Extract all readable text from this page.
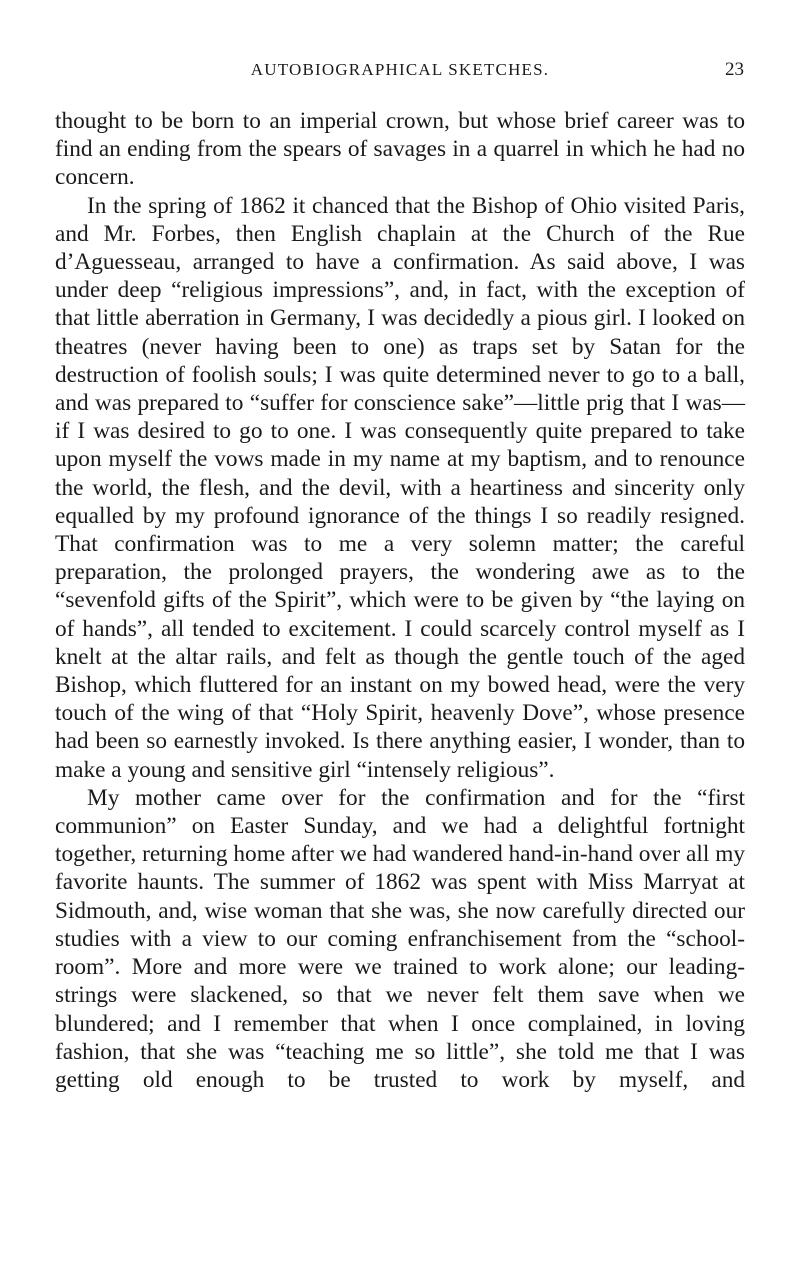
AUTOBIOGRAPHICAL SKETCHES.	23

thought to be born to an imperial crown, but whose brief career was to find an ending from the spears of savages in a quarrel in which he had no concern.

In the spring of 1862 it chanced that the Bishop of Ohio visited Paris, and Mr. Forbes, then English chaplain at the Church of the Rue d’Aguesseau, arranged to have a confirmation. As said above, I was under deep “religious impressions”, and, in fact, with the exception of that little aberration in Germany, I was decidedly a pious girl. I looked on theatres (never having been to one) as traps set by Satan for the destruction of foolish souls; I was quite determined never to go to a ball, and was prepared to “suffer for conscience sake”—little prig that I was—if I was desired to go to one. I was consequently quite prepared to take upon myself the vows made in my name at my baptism, and to renounce the world, the flesh, and the devil, with a heartiness and sincerity only equalled by my profound ignorance of the things I so readily resigned. That confirmation was to me a very solemn matter; the careful preparation, the prolonged prayers, the wondering awe as to the “sevenfold gifts of the Spirit”, which were to be given by “the laying on of hands”, all tended to excitement. I could scarcely control myself as I knelt at the altar rails, and felt as though the gentle touch of the aged Bishop, which fluttered for an instant on my bowed head, were the very touch of the wing of that “Holy Spirit, heavenly Dove”, whose presence had been so earnestly invoked. Is there anything easier, I wonder, than to make a young and sensitive girl “intensely religious”.

My mother came over for the confirmation and for the “first communion” on Easter Sunday, and we had a delightful fortnight together, returning home after we had wandered hand-in-hand over all my favorite haunts. The summer of 1862 was spent with Miss Marryat at Sidmouth, and, wise woman that she was, she now carefully directed our studies with a view to our coming enfranchisement from the “school-room”. More and more were we trained to work alone; our leading-strings were slackened, so that we never felt them save when we blundered; and I remember that when I once complained, in loving fashion, that she was “teaching me so little”, she told me that I was getting old enough to be trusted to work by myself, and
